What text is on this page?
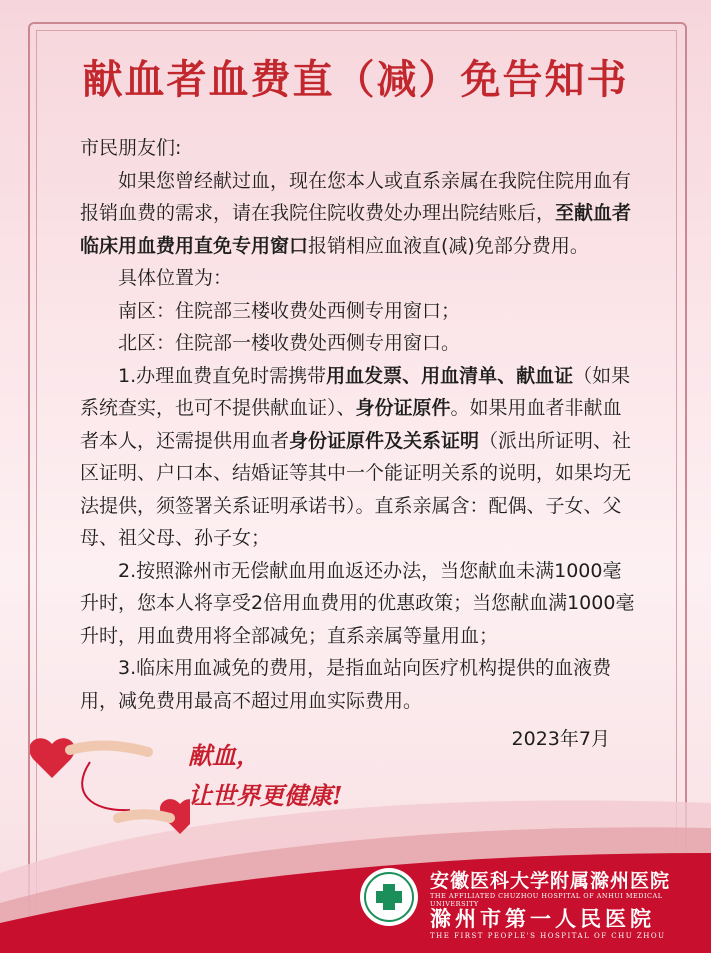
献血者血费直（减）免告知书

市民朋友们:

如果您曾经献过血，现在您本人或直系亲属在我院住院用血有报销血费的需求，请在我院住院收费处办理出院结账后，至献血者临床用血费用直免专用窗口报销相应血液直(减)免部分费用。

具体位置为：

南区：住院部三楼收费处西侧专用窗口；

北区：住院部一楼收费处西侧专用窗口。

1.办理血费直免时需携带用血发票、用血清单、献血证（如果系统查实，也可不提供献血证）、身份证原件。如果用血者非献血者本人，还需提供用血者身份证原件及关系证明（派出所证明、社区证明、户口本、结婚证等其中一个能证明关系的说明，如果均无法提供，须签署关系证明承诺书）。直系亲属含：配偶、子女、父母、祖父母、孙子女；

2.按照滁州市无偿献血用血返还办法，当您献血未满1000毫升时，您本人将享受2倍用血费用的优惠政策；当您献血满1000毫升时，用血费用将全部减免；直系亲属等量用血；

3.临床用血减免的费用，是指血站向医疗机构提供的血液费用，减免费用最高不超过用血实际费用。

2023年7月

献血，
让世界更健康!
安徽医科大学附属滁州医院
THE AFFILIATED CHUZHOU HOSPITAL OF ANHUI MEDICAL UNIVERSITY
滁州市第一人民医院
THE FIRST PEOPLE'S HOSPITAL OF CHU ZHOU
